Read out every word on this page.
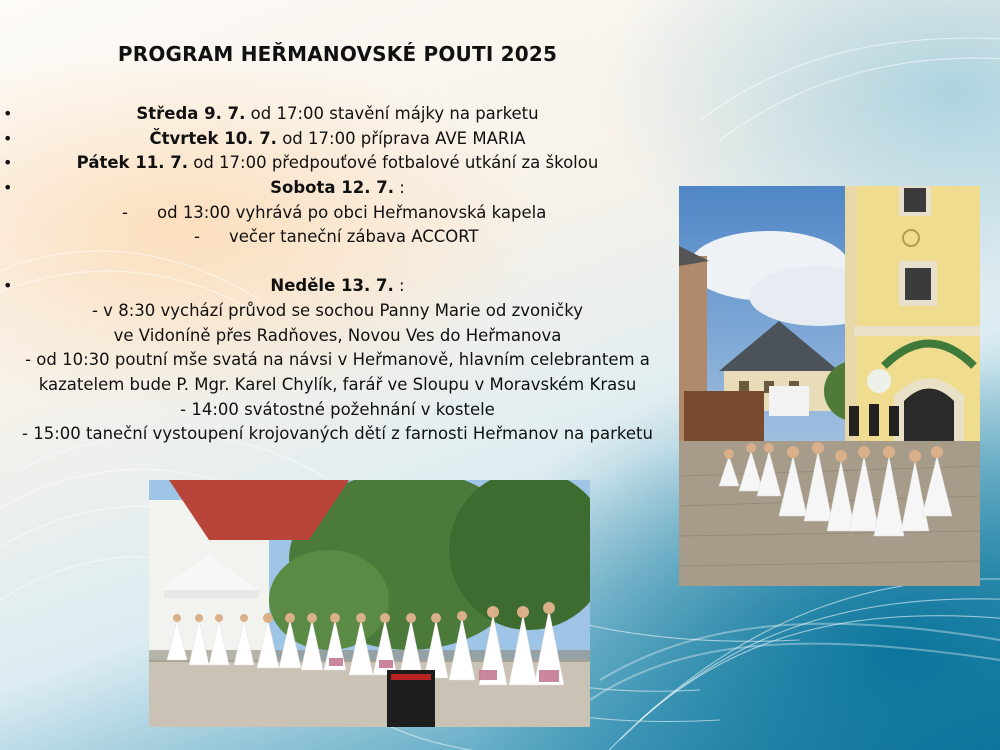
PROGRAM HEŘMANOVSKÉ POUTI 2025
• Středa 9. 7. od 17:00 stavění májky na parketu
• Čtvrtek 10. 7. od 17:00 příprava AVE MARIA
• Pátek 11. 7. od 17:00 předpouťové fotbalové utkání za školou
• Sobota 12. 7. :
- od 13:00 vyhrává po obci Heřmanovská kapela
- večer taneční zábava ACCORT
• Neděle 13. 7. :
- v 8:30 vychází průvod se sochou Panny Marie od zvoničky
ve Vidoníně přes Radňoves, Novou Ves do Heřmanova
- od 10:30 poutní mše svatá na návsi v Heřmanově, hlavním celebrantem a
kazatelem bude P. Mgr. Karel Chylík, farář ve Sloupu v Moravském Krasu
- 14:00 svátostné požehnání v kostele
- 15:00 taneční vystoupení krojovaných dětí z farnosti Heřmanov na parketu
